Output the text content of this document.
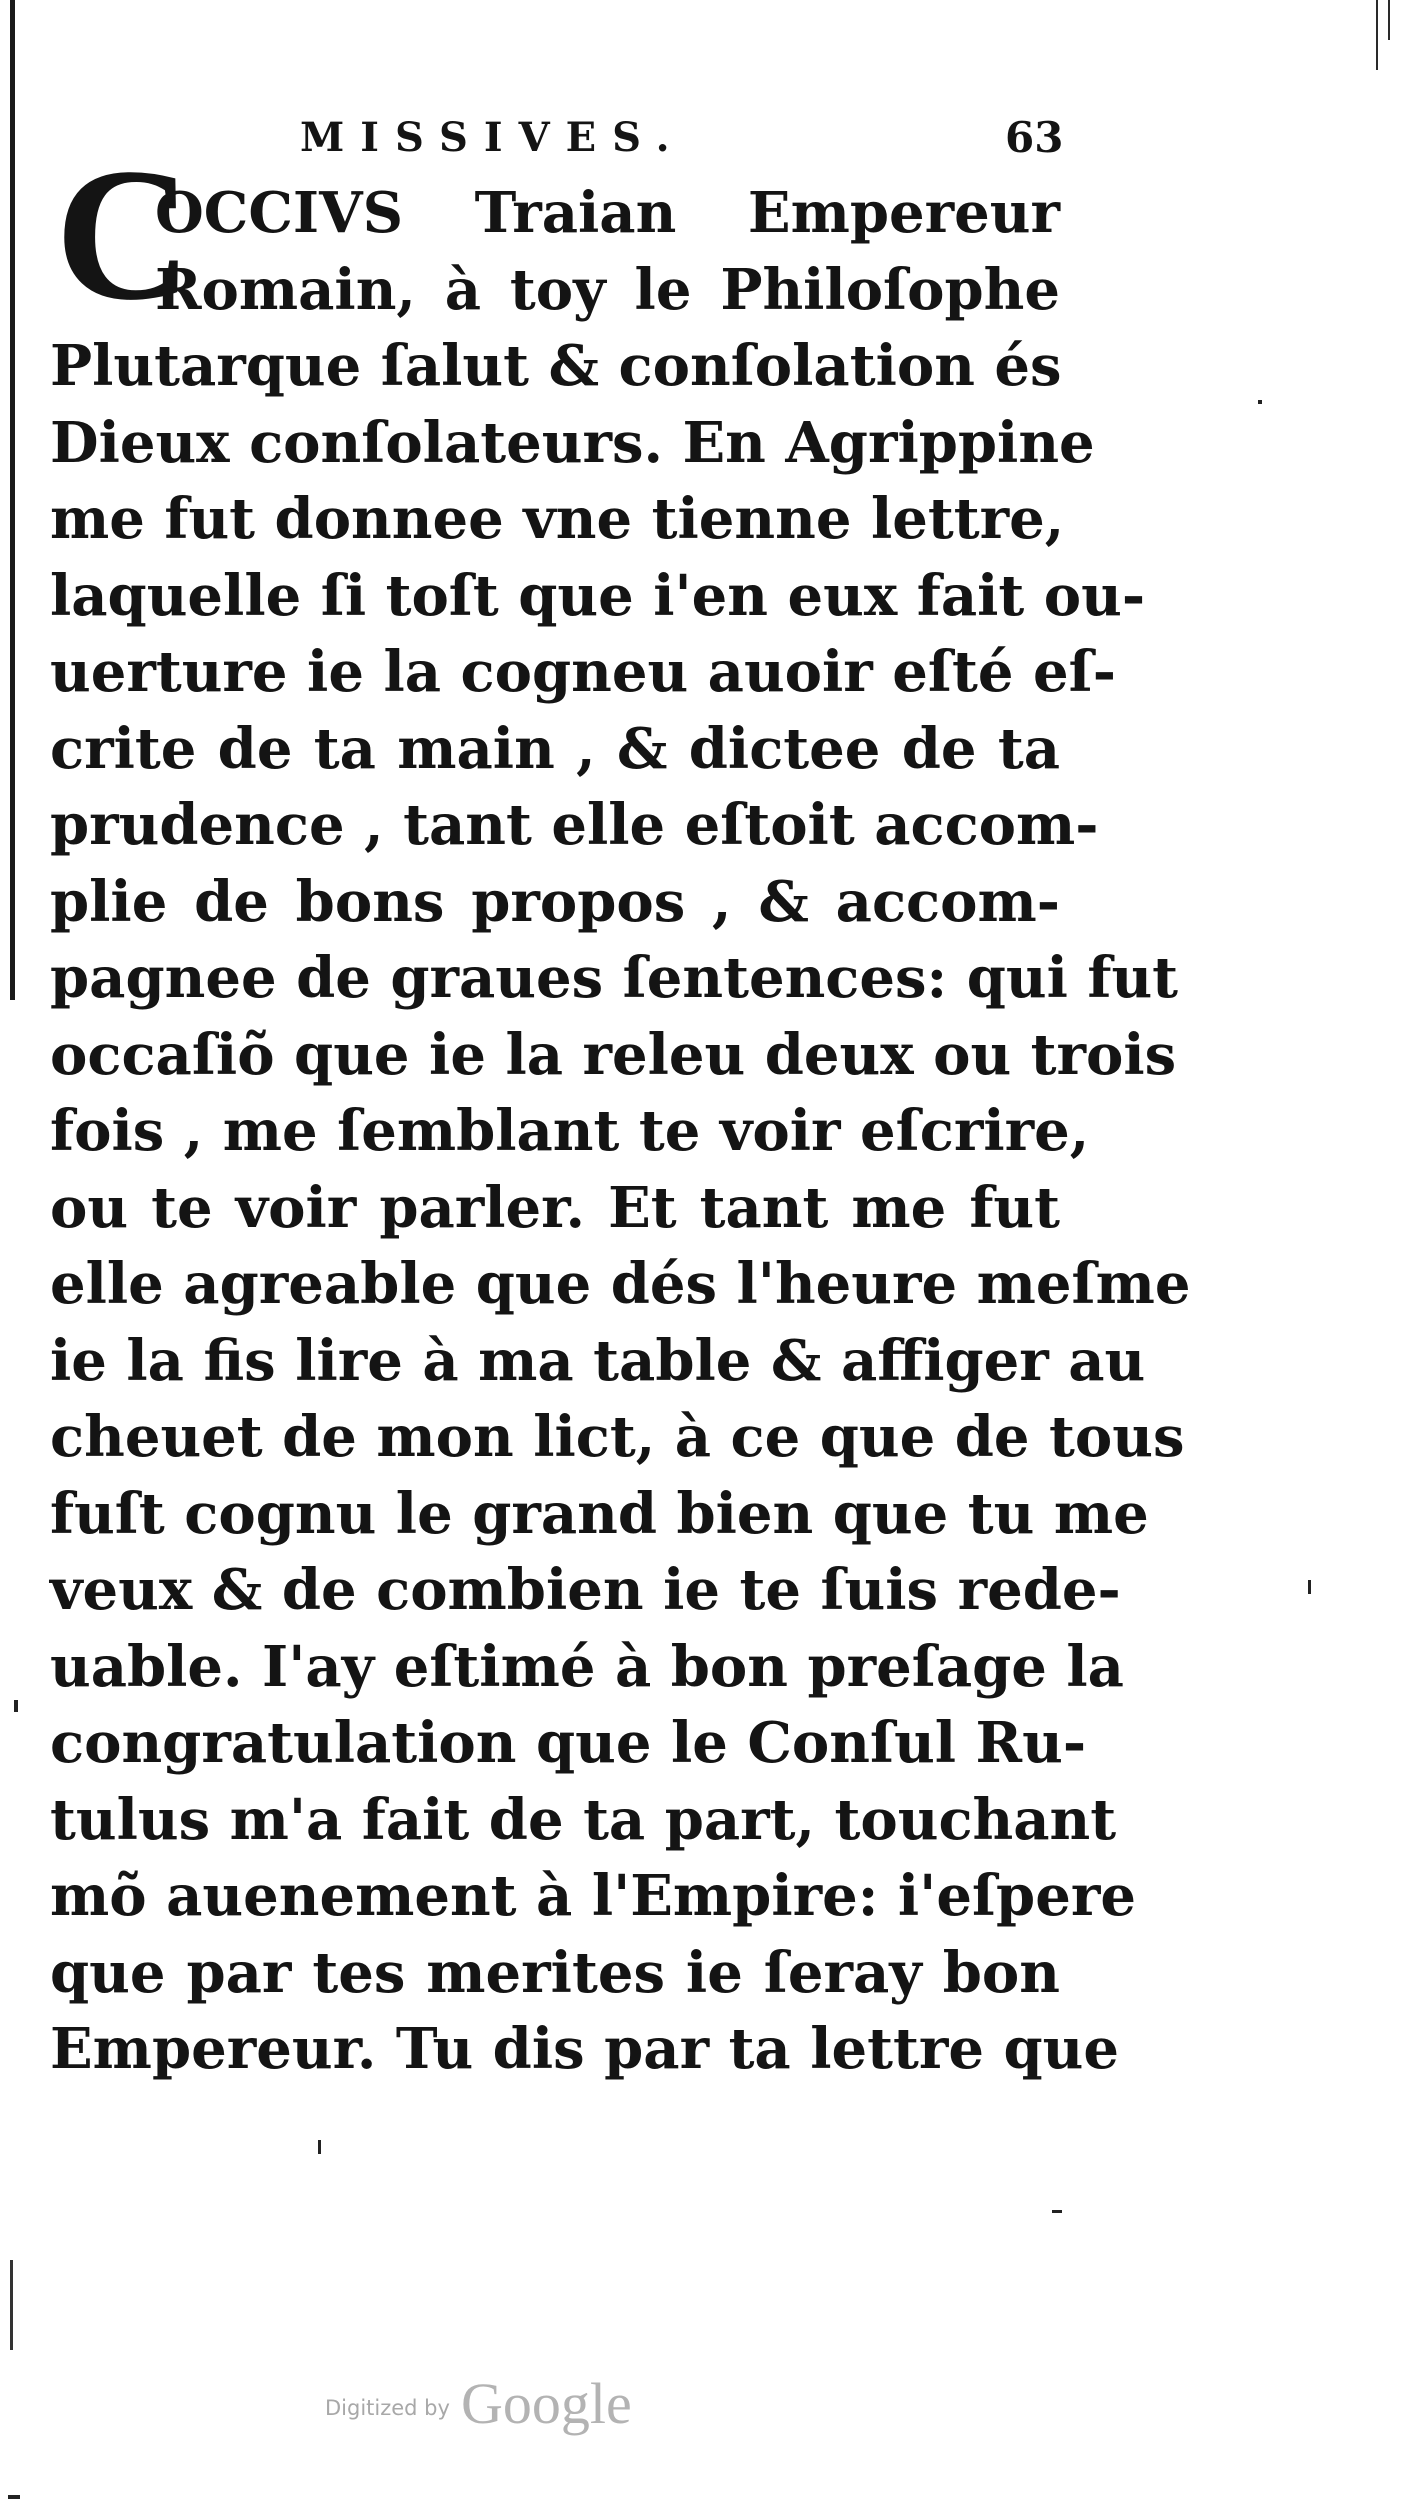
MISSIVES.	63
C
OCCIVS Traian Empereur
Romain, à toy le Philoſophe
Plutarque ſalut & conſolation és
Dieux conſolateurs. En Agrippine
me fut donnee vne tienne lettre,
laquelle ſi toſt que i'en eux fait ou-
uerture ie la cogneu auoir eſté eſ-
crite de ta main , & dictee de ta
prudence , tant elle eſtoit accom-
plie de bons propos , & accom-
pagnee de graues ſentences: qui fut
occaſiõ que ie la releu deux ou trois
fois , me ſemblant te voir eſcrire,
ou te voir parler. Et tant me fut
elle agreable que dés l'heure meſme
ie la fis lire à ma table & affiger au
cheuet de mon lict, à ce que de tous
fuſt cognu le grand bien que tu me
veux & de combien ie te ſuis rede-
uable. I'ay eſtimé à bon preſage la
congratulation que le Conſul Ru-
tulus m'a fait de ta part, touchant
mõ auenement à l'Empire: i'eſpere
que par tes merites ie ſeray bon
Empereur. Tu dis par ta lettre que
Digitized by Google
